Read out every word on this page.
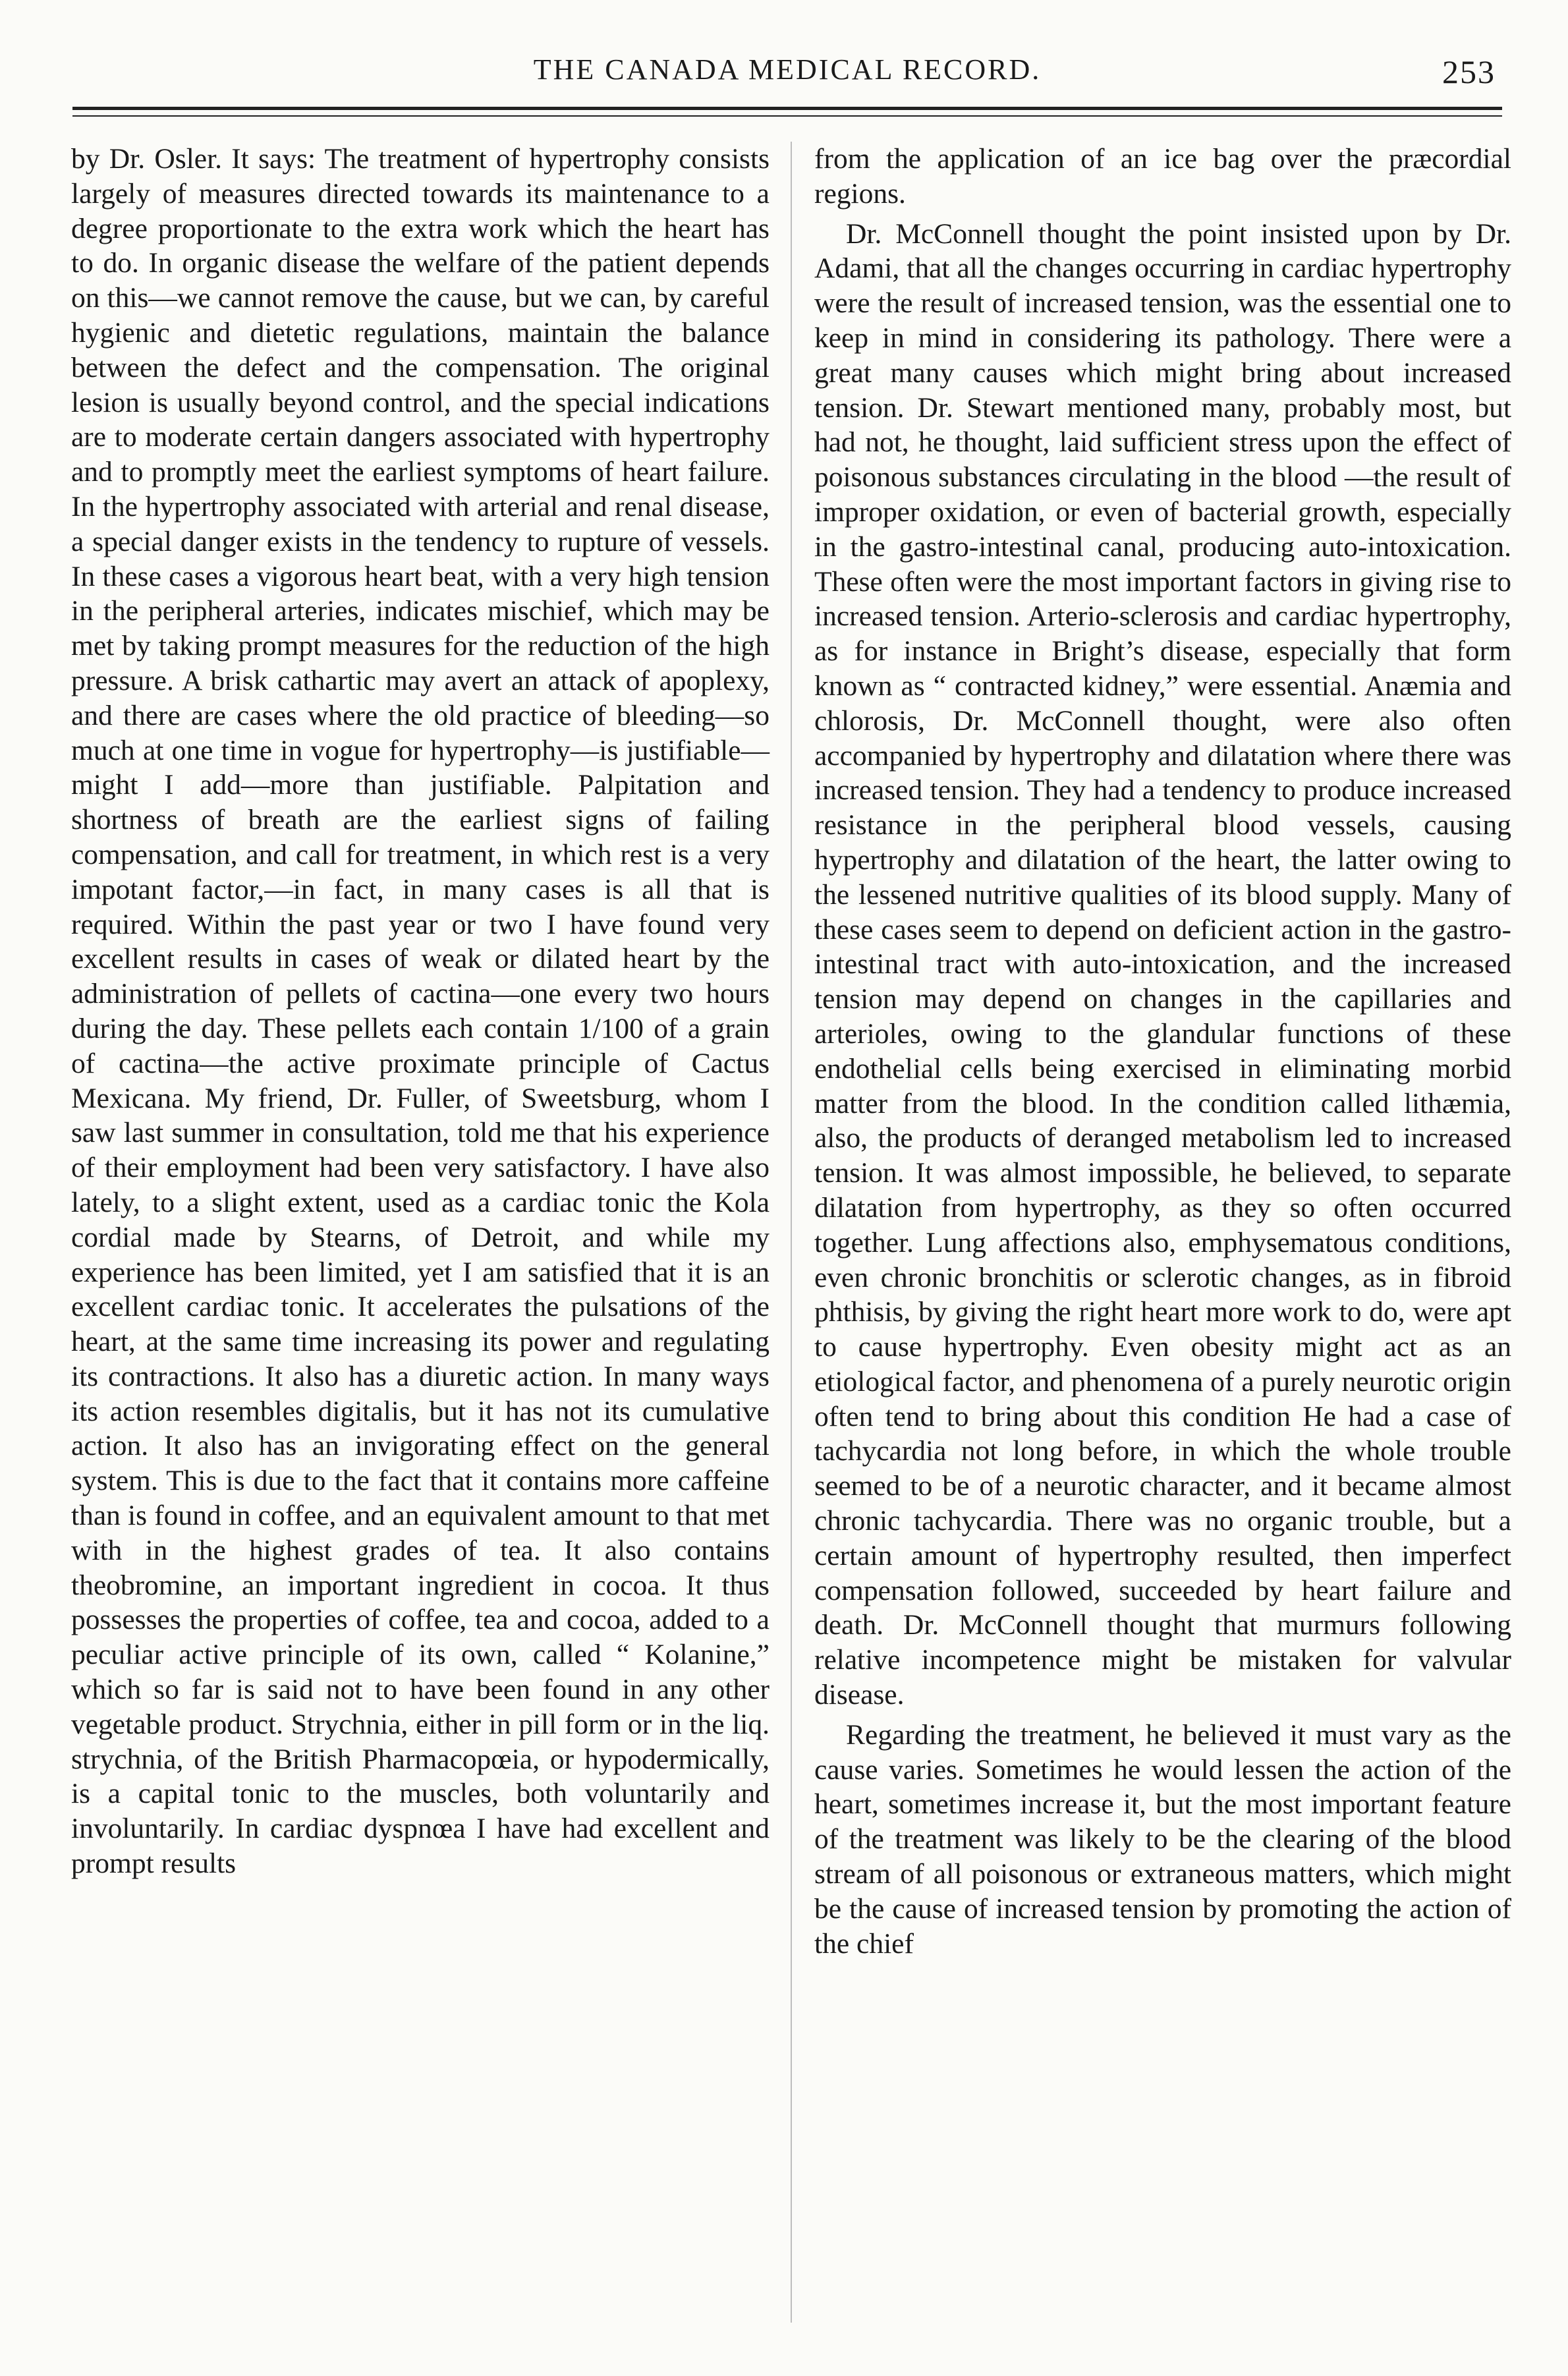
THE CANADA MEDICAL RECORD.	253

by Dr. Osler. It says: The treatment of hypertrophy consists largely of measures directed towards its maintenance to a degree proportionate to the extra work which the heart has to do. In organic disease the welfare of the patient depends on this—we cannot remove the cause, but we can, by careful hygienic and dietetic regulations, maintain the balance between the defect and the compensation. The original lesion is usually beyond control, and the special indications are to moderate certain dangers associated with hypertrophy and to promptly meet the earliest symptoms of heart failure. In the hypertrophy associated with arterial and renal disease, a special danger exists in the tendency to rupture of vessels. In these cases a vigorous heart beat, with a very high tension in the peripheral arteries, indicates mischief, which may be met by taking prompt measures for the reduction of the high pressure. A brisk cathartic may avert an attack of apoplexy, and there are cases where the old practice of bleeding—so much at one time in vogue for hypertrophy—is justifiable—might I add—more than justifiable. Palpitation and shortness of breath are the earliest signs of failing compensation, and call for treatment, in which rest is a very impotant factor,—in fact, in many cases is all that is required. Within the past year or two I have found very excellent results in cases of weak or dilated heart by the administration of pellets of cactina—one every two hours during the day. These pellets each contain 1/100 of a grain of cactina—the active proximate principle of Cactus Mexicana. My friend, Dr. Fuller, of Sweetsburg, whom I saw last summer in consultation, told me that his experience of their employment had been very satisfactory. I have also lately, to a slight extent, used as a cardiac tonic the Kola cordial made by Stearns, of Detroit, and while my experience has been limited, yet I am satisfied that it is an excellent cardiac tonic. It accelerates the pulsations of the heart, at the same time increasing its power and regulating its contractions. It also has a diuretic action. In many ways its action resembles digitalis, but it has not its cumulative action. It also has an invigorating effect on the general system. This is due to the fact that it contains more caffeine than is found in coffee, and an equivalent amount to that met with in the highest grades of tea. It also contains theobromine, an important ingredient in cocoa. It thus possesses the properties of coffee, tea and cocoa, added to a peculiar active principle of its own, called “ Kolanine,” which so far is said not to have been found in any other vegetable product. Strychnia, either in pill form or in the liq. strychnia, of the British Pharmacopœia, or hypodermically, is a capital tonic to the muscles, both voluntarily and involuntarily. In cardiac dyspnœa I have had excellent and prompt results

from the application of an ice bag over the præcordial regions.

Dr. McConnell thought the point insisted upon by Dr. Adami, that all the changes occurring in cardiac hypertrophy were the result of increased tension, was the essential one to keep in mind in considering its pathology. There were a great many causes which might bring about increased tension. Dr. Stewart mentioned many, probably most, but had not, he thought, laid sufficient stress upon the effect of poisonous substances circulating in the blood —the result of improper oxidation, or even of bacterial growth, especially in the gastro-intestinal canal, producing auto-intoxication. These often were the most important factors in giving rise to increased tension. Arterio-sclerosis and cardiac hypertrophy, as for instance in Bright’s disease, especially that form known as “ contracted kidney,” were essential. Anæmia and chlorosis, Dr. McConnell thought, were also often accompanied by hypertrophy and dilatation where there was increased tension. They had a tendency to produce increased resistance in the peripheral blood vessels, causing hypertrophy and dilatation of the heart, the latter owing to the lessened nutritive qualities of its blood supply. Many of these cases seem to depend on deficient action in the gastro-intestinal tract with auto-intoxication, and the increased tension may depend on changes in the capillaries and arterioles, owing to the glandular functions of these endothelial cells being exercised in eliminating morbid matter from the blood. In the condition called lithæmia, also, the products of deranged metabolism led to increased tension. It was almost impossible, he believed, to separate dilatation from hypertrophy, as they so often occurred together. Lung affections also, emphysematous conditions, even chronic bronchitis or sclerotic changes, as in fibroid phthisis, by giving the right heart more work to do, were apt to cause hypertrophy. Even obesity might act as an etiological factor, and phenomena of a purely neurotic origin often tend to bring about this condition He had a case of tachycardia not long before, in which the whole trouble seemed to be of a neurotic character, and it became almost chronic tachycardia. There was no organic trouble, but a certain amount of hypertrophy resulted, then imperfect compensation followed, succeeded by heart failure and death. Dr. McConnell thought that murmurs following relative incompetence might be mistaken for valvular disease.

Regarding the treatment, he believed it must vary as the cause varies. Sometimes he would lessen the action of the heart, sometimes increase it, but the most important feature of the treatment was likely to be the clearing of the blood stream of all poisonous or extraneous matters, which might be the cause of increased tension by promoting the action of the chief
